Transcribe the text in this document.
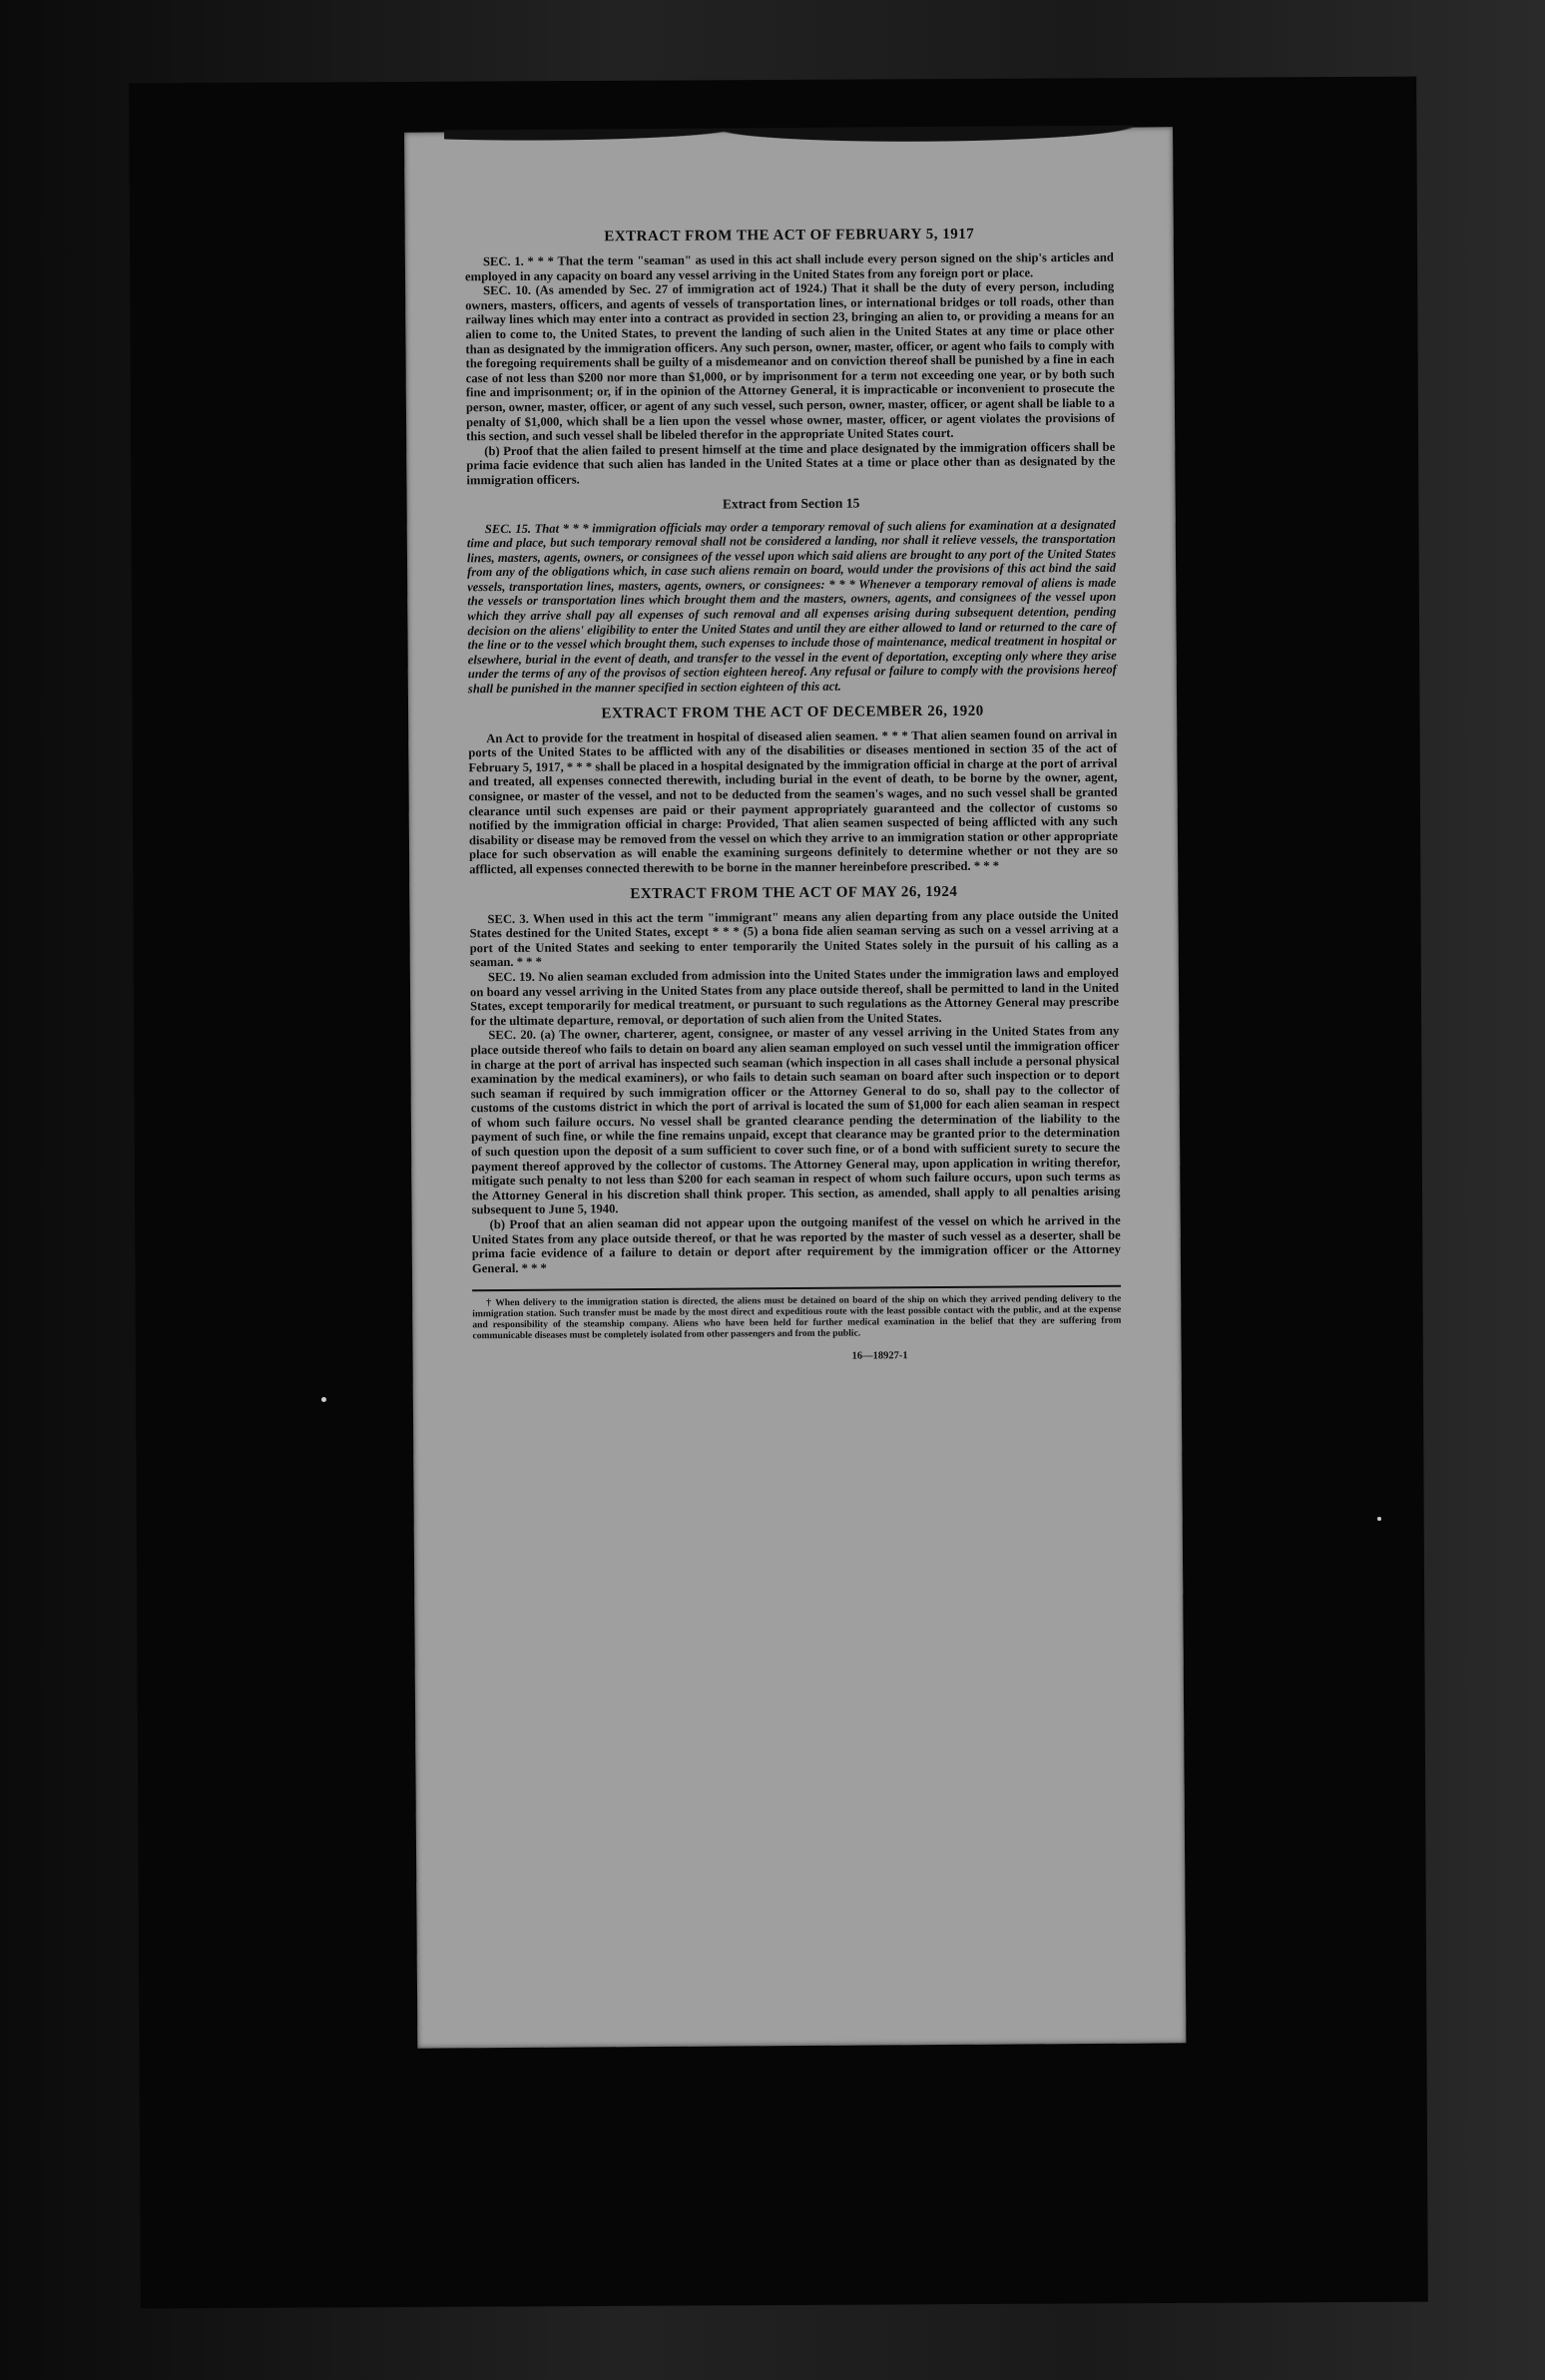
EXTRACT FROM THE ACT OF FEBRUARY 5, 1917

SEC. 1. * * * That the term "seaman" as used in this act shall include every person signed on the ship's articles and employed in any capacity on board any vessel arriving in the United States from any foreign port or place.

SEC. 10. (As amended by Sec. 27 of immigration act of 1924.) That it shall be the duty of every person, including owners, masters, officers, and agents of vessels of transportation lines, or international bridges or toll roads, other than railway lines which may enter into a contract as provided in section 23, bringing an alien to, or providing a means for an alien to come to, the United States, to prevent the landing of such alien in the United States at any time or place other than as designated by the immigration officers. Any such person, owner, master, officer, or agent who fails to comply with the foregoing requirements shall be guilty of a misdemeanor and on conviction thereof shall be punished by a fine in each case of not less than $200 nor more than $1,000, or by imprisonment for a term not exceeding one year, or by both such fine and imprisonment; or, if in the opinion of the Attorney General, it is impracticable or inconvenient to prosecute the person, owner, master, officer, or agent of any such vessel, such person, owner, master, officer, or agent shall be liable to a penalty of $1,000, which shall be a lien upon the vessel whose owner, master, officer, or agent violates the provisions of this section, and such vessel shall be libeled therefor in the appropriate United States court.

(b) Proof that the alien failed to present himself at the time and place designated by the immigration officers shall be prima facie evidence that such alien has landed in the United States at a time or place other than as designated by the immigration officers.

Extract from Section 15

SEC. 15. That * * * immigration officials may order a temporary removal of such aliens for examination at a designated time and place, but such temporary removal shall not be considered a landing, nor shall it relieve vessels, the transportation lines, masters, agents, owners, or consignees of the vessel upon which said aliens are brought to any port of the United States from any of the obligations which, in case such aliens remain on board, would under the provisions of this act bind the said vessels, transportation lines, masters, agents, owners, or consignees: * * * Whenever a temporary removal of aliens is made the vessels or transportation lines which brought them and the masters, owners, agents, and consignees of the vessel upon which they arrive shall pay all expenses of such removal and all expenses arising during subsequent detention, pending decision on the aliens' eligibility to enter the United States and until they are either allowed to land or returned to the care of the line or to the vessel which brought them, such expenses to include those of maintenance, medical treatment in hospital or elsewhere, burial in the event of death, and transfer to the vessel in the event of deportation, excepting only where they arise under the terms of any of the provisos of section eighteen hereof. Any refusal or failure to comply with the provisions hereof shall be punished in the manner specified in section eighteen of this act.

EXTRACT FROM THE ACT OF DECEMBER 26, 1920

An Act to provide for the treatment in hospital of diseased alien seamen. * * * That alien seamen found on arrival in ports of the United States to be afflicted with any of the disabilities or diseases mentioned in section 35 of the act of February 5, 1917, * * * shall be placed in a hospital designated by the immigration official in charge at the port of arrival and treated, all expenses connected therewith, including burial in the event of death, to be borne by the owner, agent, consignee, or master of the vessel, and not to be deducted from the seamen's wages, and no such vessel shall be granted clearance until such expenses are paid or their payment appropriately guaranteed and the collector of customs so notified by the immigration official in charge: Provided, That alien seamen suspected of being afflicted with any such disability or disease may be removed from the vessel on which they arrive to an immigration station or other appropriate place for such observation as will enable the examining surgeons definitely to determine whether or not they are so afflicted, all expenses connected therewith to be borne in the manner hereinbefore prescribed. * * *

EXTRACT FROM THE ACT OF MAY 26, 1924

SEC. 3. When used in this act the term "immigrant" means any alien departing from any place outside the United States destined for the United States, except * * * (5) a bona fide alien seaman serving as such on a vessel arriving at a port of the United States and seeking to enter temporarily the United States solely in the pursuit of his calling as a seaman. * * *

SEC. 19. No alien seaman excluded from admission into the United States under the immigration laws and employed on board any vessel arriving in the United States from any place outside thereof, shall be permitted to land in the United States, except temporarily for medical treatment, or pursuant to such regulations as the Attorney General may prescribe for the ultimate departure, removal, or deportation of such alien from the United States.

SEC. 20. (a) The owner, charterer, agent, consignee, or master of any vessel arriving in the United States from any place outside thereof who fails to detain on board any alien seaman employed on such vessel until the immigration officer in charge at the port of arrival has inspected such seaman (which inspection in all cases shall include a personal physical examination by the medical examiners), or who fails to detain such seaman on board after such inspection or to deport such seaman if required by such immigration officer or the Attorney General to do so, shall pay to the collector of customs of the customs district in which the port of arrival is located the sum of $1,000 for each alien seaman in respect of whom such failure occurs. No vessel shall be granted clearance pending the determination of the liability to the payment of such fine, or while the fine remains unpaid, except that clearance may be granted prior to the determination of such question upon the deposit of a sum sufficient to cover such fine, or of a bond with sufficient surety to secure the payment thereof approved by the collector of customs. The Attorney General may, upon application in writing therefor, mitigate such penalty to not less than $200 for each seaman in respect of whom such failure occurs, upon such terms as the Attorney General in his discretion shall think proper. This section, as amended, shall apply to all penalties arising subsequent to June 5, 1940.

(b) Proof that an alien seaman did not appear upon the outgoing manifest of the vessel on which he arrived in the United States from any place outside thereof, or that he was reported by the master of such vessel as a deserter, shall be prima facie evidence of a failure to detain or deport after requirement by the immigration officer or the Attorney General. * * *

† When delivery to the immigration station is directed, the aliens must be detained on board of the ship on which they arrived pending delivery to the immigration station. Such transfer must be made by the most direct and expeditious route with the least possible contact with the public, and at the expense and responsibility of the steamship company. Aliens who have been held for further medical examination in the belief that they are suffering from communicable diseases must be completely isolated from other passengers and from the public.
16—18927-1
